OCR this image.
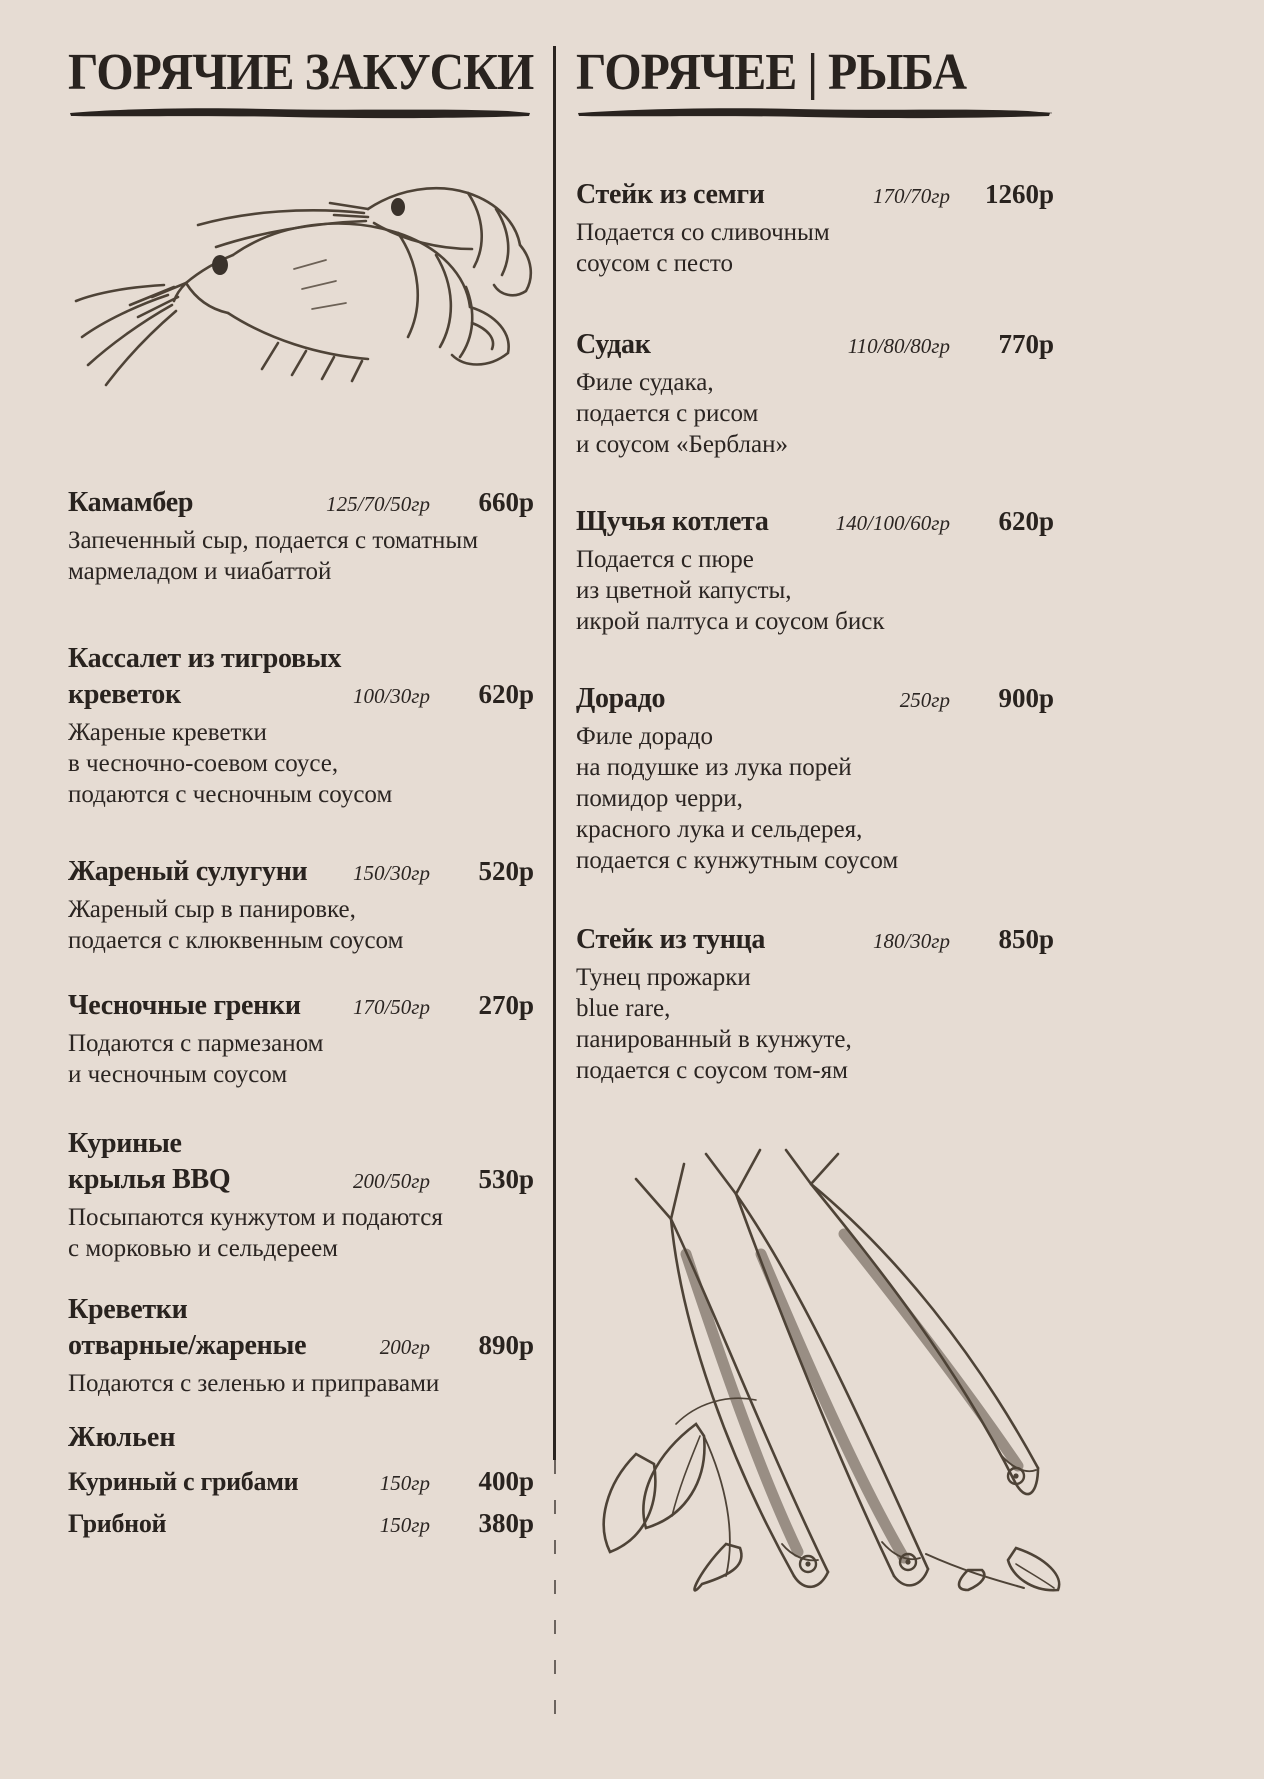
ГОРЯЧИЕ ЗАКУСКИ
Камамбер	125/70/50гр	660р
Запеченный сыр, подается с томатным
мармеладом и чиабаттой
Кассалет из тигровых
креветок	100/30гр	620р
Жареные креветки
в чесночно-соевом соусе,
подаются с чесночным соусом
Жареный сулугуни 150/30гр	520р
Жареный сыр в панировке,
подается с клюквенным соусом
Чесночные гренки 170/50гр	270р
Подаются с пармезаном
и чесночным соусом
Куриные
крылья BBQ	200/50гр	530р
Посыпаются кунжутом и подаются
с морковью и сельдереем
Креветки
отварные/жареные	200гр	890р
Подаются с зеленью и приправами
Жюльен
Куриный с грибами	150гр	400р
Грибной	150гр	380р
ГОРЯЧЕЕ | РЫБА
Стейк из семги	170/70гр	1260р
Подается со сливочным
соусом с песто
Судак	110/80/80гр	770р
Филе судака,
подается с рисом
и соусом «Берблан»
Щучья котлета	140/100/60гр	620р
Подается с пюре
из цветной капусты,
икрой палтуса и соусом биск
Дорадо	250гр	900р
Филе дорадо
на подушке из лука порей
помидор черри,
красного лука и сельдерея,
подается с кунжутным соусом
Стейк из тунца	180/30гр	850р
Тунец прожарки
blue rare,
панированный в кунжуте,
подается с соусом том-ям
